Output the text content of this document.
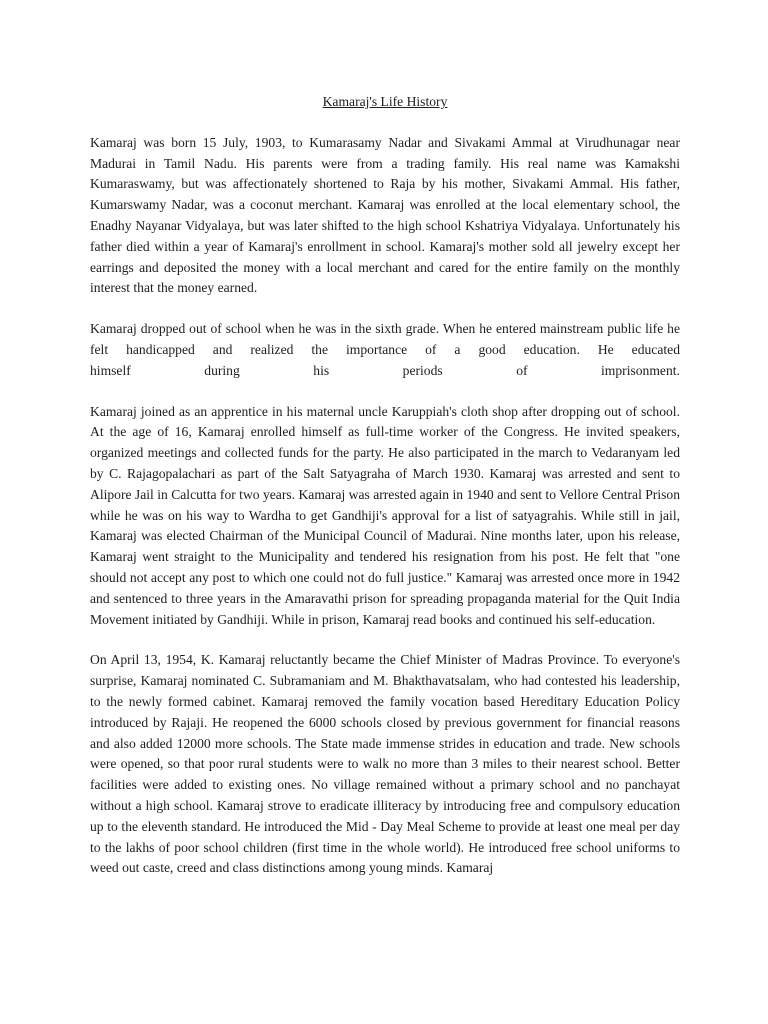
Kamaraj's Life History
Kamaraj was born 15 July, 1903, to Kumarasamy Nadar and Sivakami Ammal at Virudhunagar near Madurai in Tamil Nadu. His parents were from a trading family. His real name was Kamakshi Kumaraswamy, but was affectionately shortened to Raja by his mother, Sivakami Ammal. His father, Kumarswamy Nadar, was a coconut merchant. Kamaraj was enrolled at the local elementary school, the Enadhy Nayanar Vidyalaya, but was later shifted to the high school Kshatriya Vidyalaya. Unfortunately his father died within a year of Kamaraj's enrollment in school. Kamaraj's mother sold all jewelry except her earrings and deposited the money with a local merchant and cared for the entire family on the monthly interest that the money earned.
Kamaraj dropped out of school when he was in the sixth grade. When he entered mainstream public life he felt handicapped and realized the importance of a good education. He educated
himself	during	his	periods	of	imprisonment.
Kamaraj joined as an apprentice in his maternal uncle Karuppiah's cloth shop after dropping out of school. At the age of 16, Kamaraj enrolled himself as full-time worker of the Congress. He invited speakers, organized meetings and collected funds for the party. He also participated in the march to Vedaranyam led by C. Rajagopalachari as part of the Salt Satyagraha of March 1930. Kamaraj was arrested and sent to Alipore Jail in Calcutta for two years. Kamaraj was arrested again in 1940 and sent to Vellore Central Prison while he was on his way to Wardha to get Gandhiji's approval for a list of satyagrahis. While still in jail, Kamaraj was elected Chairman of the Municipal Council of Madurai. Nine months later, upon his release, Kamaraj went straight to the Municipality and tendered his resignation from his post. He felt that "one should not accept any post to which one could not do full justice." Kamaraj was arrested once more in 1942 and sentenced to three years in the Amaravathi prison for spreading propaganda material for the Quit India Movement initiated by Gandhiji. While in prison, Kamaraj read books and continued his self-education.
On April 13, 1954, K. Kamaraj reluctantly became the Chief Minister of Madras Province. To everyone's surprise, Kamaraj nominated C. Subramaniam and M. Bhakthavatsalam, who had contested his leadership, to the newly formed cabinet. Kamaraj removed the family vocation based Hereditary Education Policy introduced by Rajaji. He reopened the 6000 schools closed by previous government for financial reasons and also added 12000 more schools. The State made immense strides in education and trade. New schools were opened, so that poor rural students were to walk no more than 3 miles to their nearest school. Better facilities were added to existing ones. No village remained without a primary school and no panchayat without a high school. Kamaraj strove to eradicate illiteracy by introducing free and compulsory education up to the eleventh standard. He introduced the Mid - Day Meal Scheme to provide at least one meal per day to the lakhs of poor school children (first time in the whole world). He introduced free school uniforms to weed out caste, creed and class distinctions among young minds. Kamaraj
